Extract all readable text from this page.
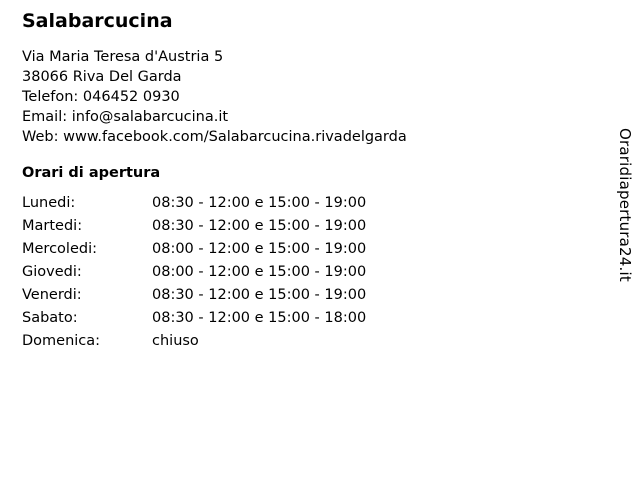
Salabarcucina
Via Maria Teresa d'Austria 5
38066 Riva Del Garda
Telefon: 046452 0930
Email: info@salabarcucina.it
Web: www.facebook.com/Salabarcucina.rivadelgarda
Orari di apertura
Lunedi:	08:30 - 12:00 e 15:00 - 19:00
Martedi:	08:30 - 12:00 e 15:00 - 19:00
Mercoledi:	08:00 - 12:00 e 15:00 - 19:00
Giovedi:	08:00 - 12:00 e 15:00 - 19:00
Venerdi:	08:30 - 12:00 e 15:00 - 19:00
Sabato:	08:30 - 12:00 e 15:00 - 18:00
Domenica:	chiuso
Oraridiapertura24.it
